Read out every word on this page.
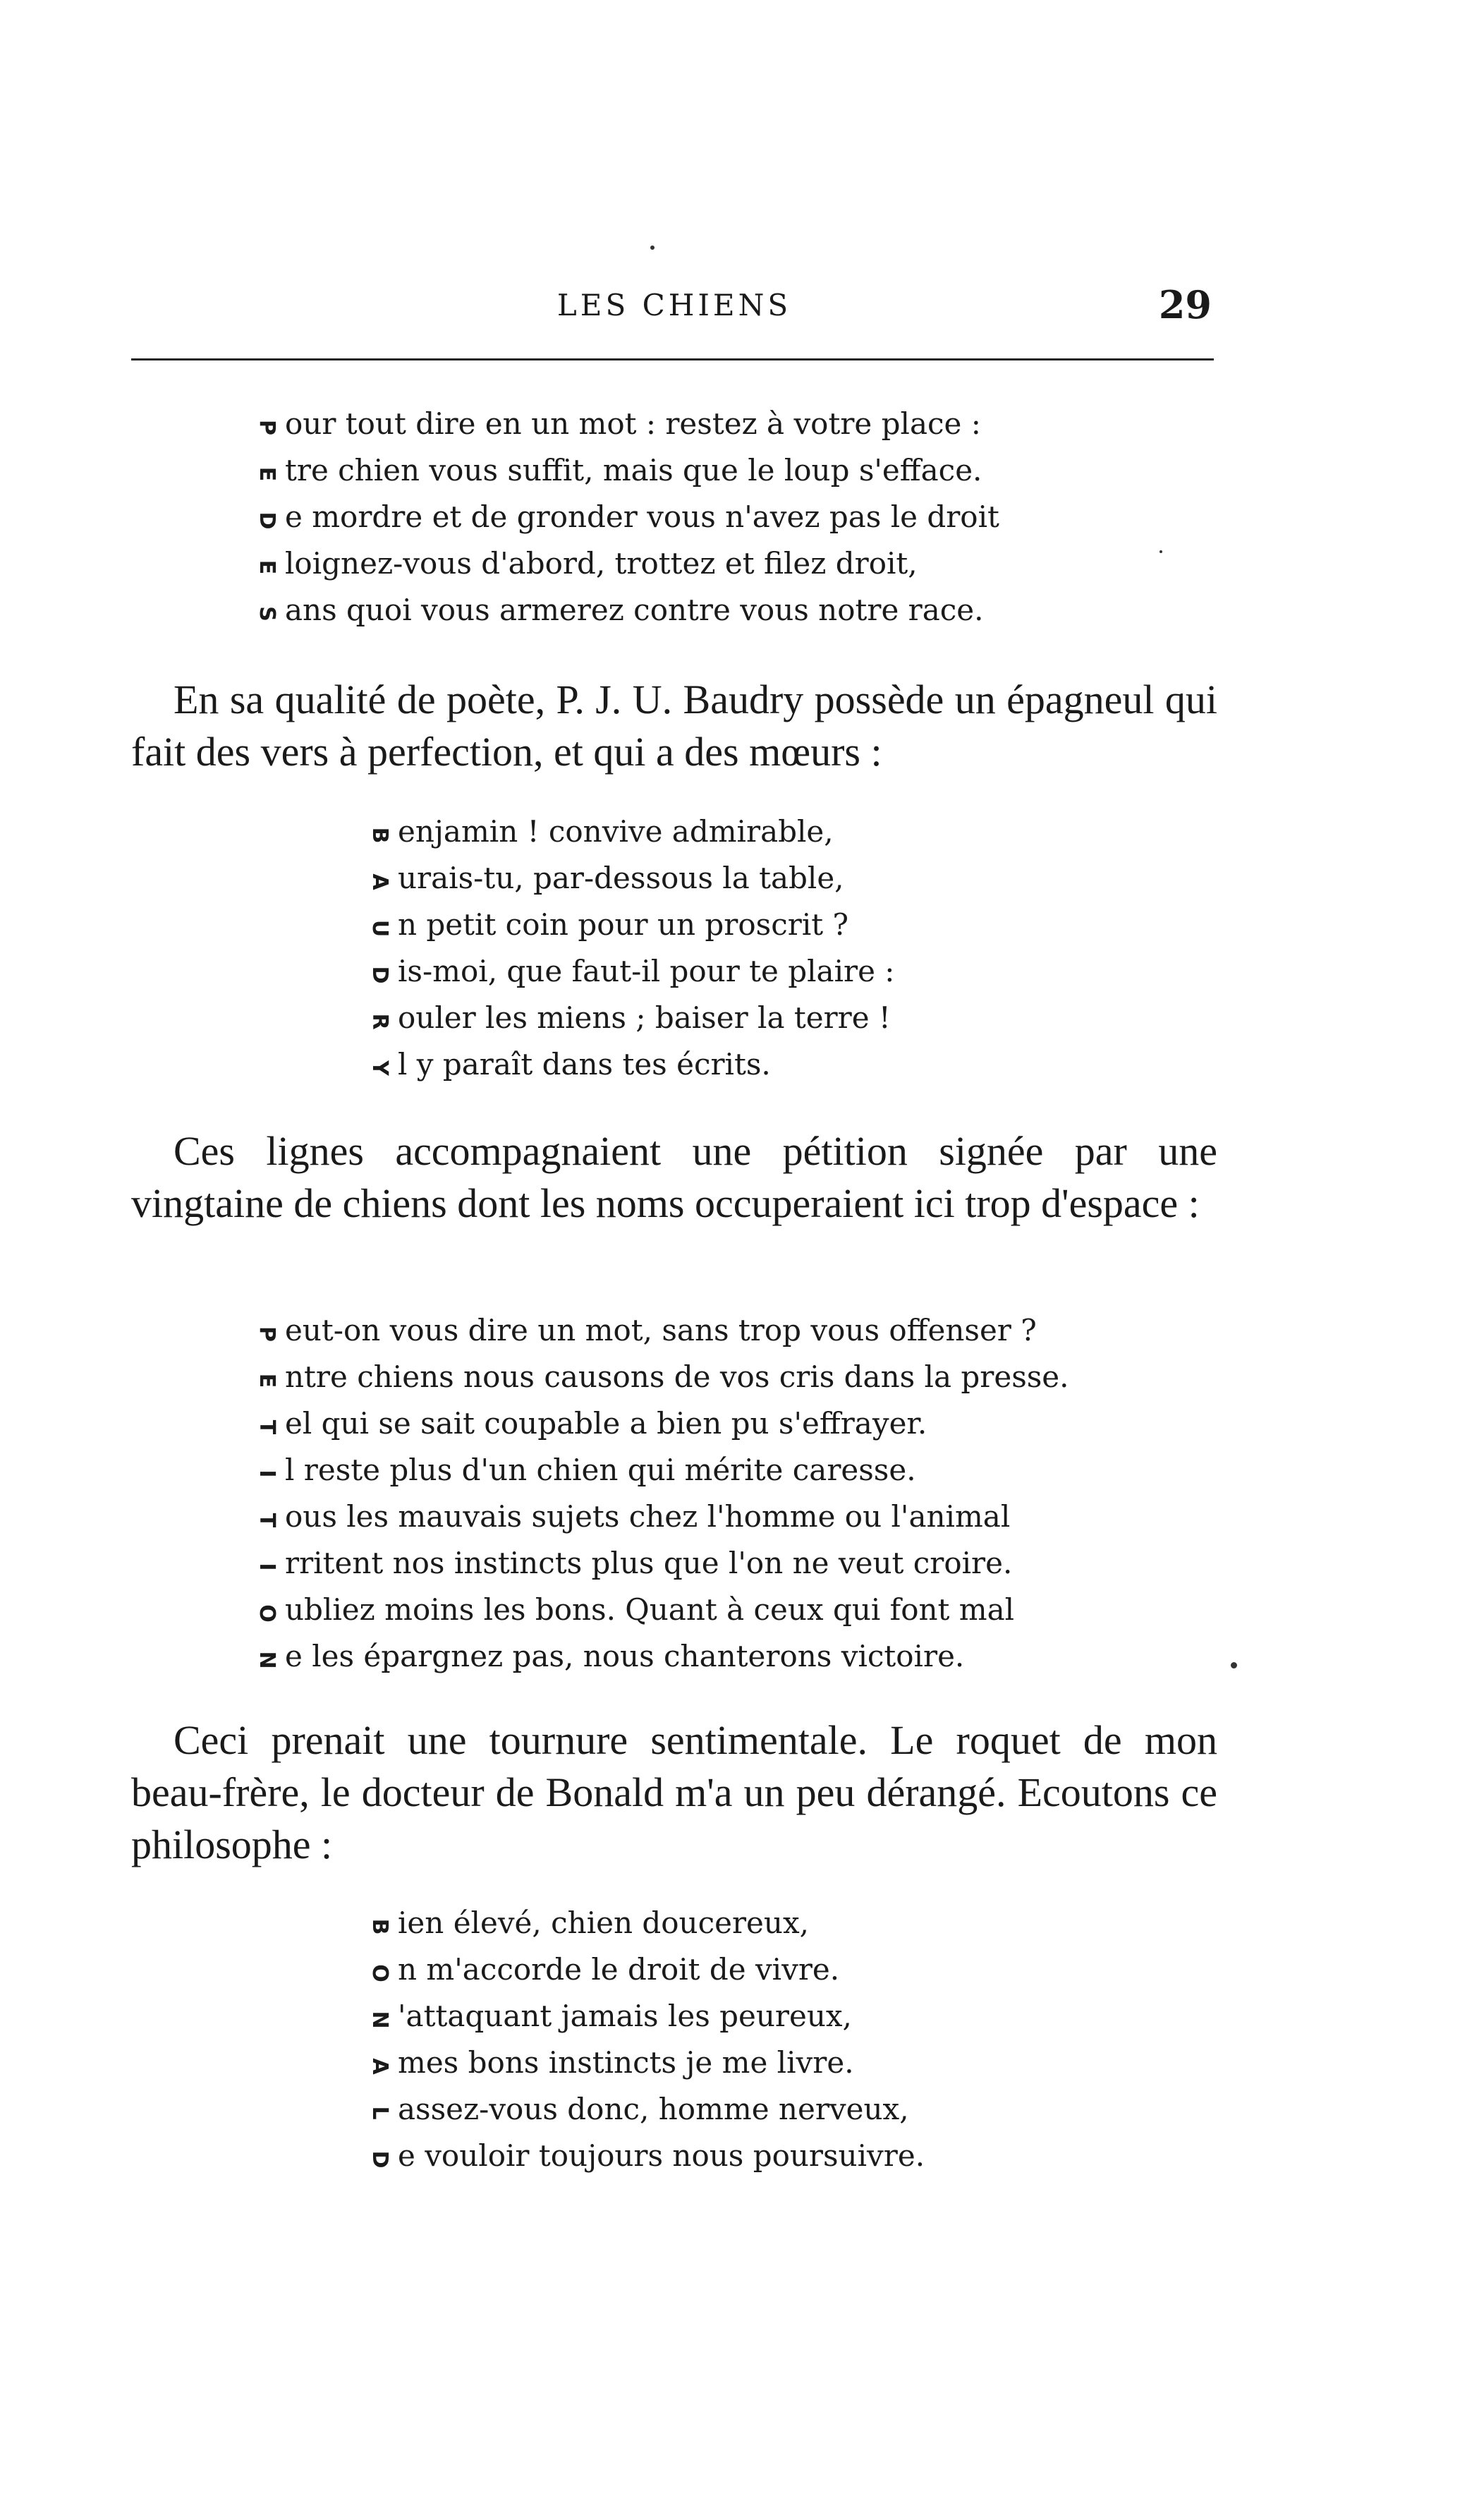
LES CHIENS	29
P our tout dire en un mot : restez à votre place :
E tre chien vous suffit, mais que le loup s'efface.
D e mordre et de gronder vous n'avez pas le droit
E loignez-vous d'abord, trottez et filez droit,
S ans quoi vous armerez contre vous notre race.

En sa qualité de poète, P. J. U. Baudry possède un épagneul qui fait des vers à perfection, et qui a des mœurs :

B enjamin ! convive admirable,
A urais-tu, par-dessous la table,
U n petit coin pour un proscrit ?
D is-moi, que faut-il pour te plaire :
R ouler les miens ; baiser la terre !
Y l y paraît dans tes écrits.

Ces lignes accompagnaient une pétition signée par une vingtaine de chiens dont les noms occuperaient ici trop d'espace :

P eut-on vous dire un mot, sans trop vous offenser ?
E ntre chiens nous causons de vos cris dans la presse.
T el qui se sait coupable a bien pu s'effrayer.
I l reste plus d'un chien qui mérite caresse.
T ous les mauvais sujets chez l'homme ou l'animal
I rritent nos instincts plus que l'on ne veut croire.
O ubliez moins les bons. Quant à ceux qui font mal
N e les épargnez pas, nous chanterons victoire.

Ceci prenait une tournure sentimentale. Le roquet de mon beau-frère, le docteur de Bonald m'a un peu dérangé. Ecoutons ce philosophe :

B ien élevé, chien doucereux,
O n m'accorde le droit de vivre.
N 'attaquant jamais les peureux,
A mes bons instincts je me livre.
L assez-vous donc, homme nerveux,
D e vouloir toujours nous poursuivre.
